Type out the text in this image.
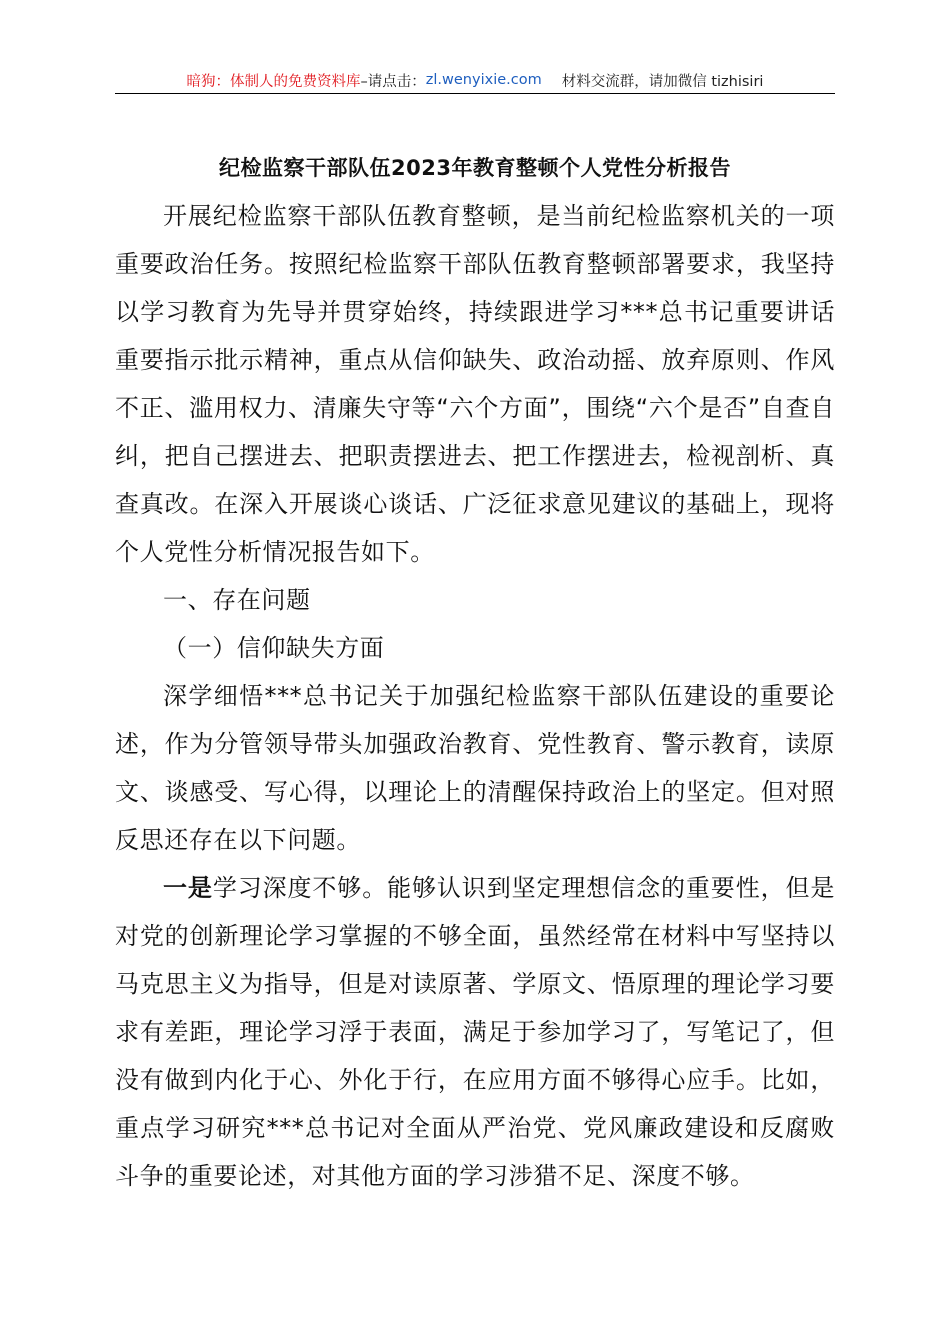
暗狗：体制人的免费资料库 –请点击： zl.wenyixie.com 材料交流群，请加微信 tizhisiri
纪检监察干部队伍2023年教育整顿个人党性分析报告

开展纪检监察干部队伍教育整顿，是当前纪检监察机关的一项重要政治任务。按照纪检监察干部队伍教育整顿部署要求，我坚持以学习教育为先导并贯穿始终，持续跟进学习***总书记重要讲话重要指示批示精神，重点从信仰缺失、政治动摇、放弃原则、作风不正、滥用权力、清廉失守等“六个方面”，围绕“六个是否”自查自纠，把自己摆进去、把职责摆进去、把工作摆进去，检视剖析、真查真改。在深入开展谈心谈话、广泛征求意见建议的基础上，现将个人党性分析情况报告如下。

一、存在问题

（一）信仰缺失方面

深学细悟***总书记关于加强纪检监察干部队伍建设的重要论述，作为分管领导带头加强政治教育、党性教育、警示教育，读原文、谈感受、写心得，以理论上的清醒保持政治上的坚定。但对照反思还存在以下问题。

一是学习深度不够。能够认识到坚定理想信念的重要性，但是对党的创新理论学习掌握的不够全面，虽然经常在材料中写坚持以马克思主义为指导，但是对读原著、学原文、悟原理的理论学习要求有差距，理论学习浮于表面，满足于参加学习了，写笔记了，但没有做到内化于心、外化于行，在应用方面不够得心应手。比如，重点学习研究***总书记对全面从严治党、党风廉政建设和反腐败斗争的重要论述，对其他方面的学习涉猎不足、深度不够。
